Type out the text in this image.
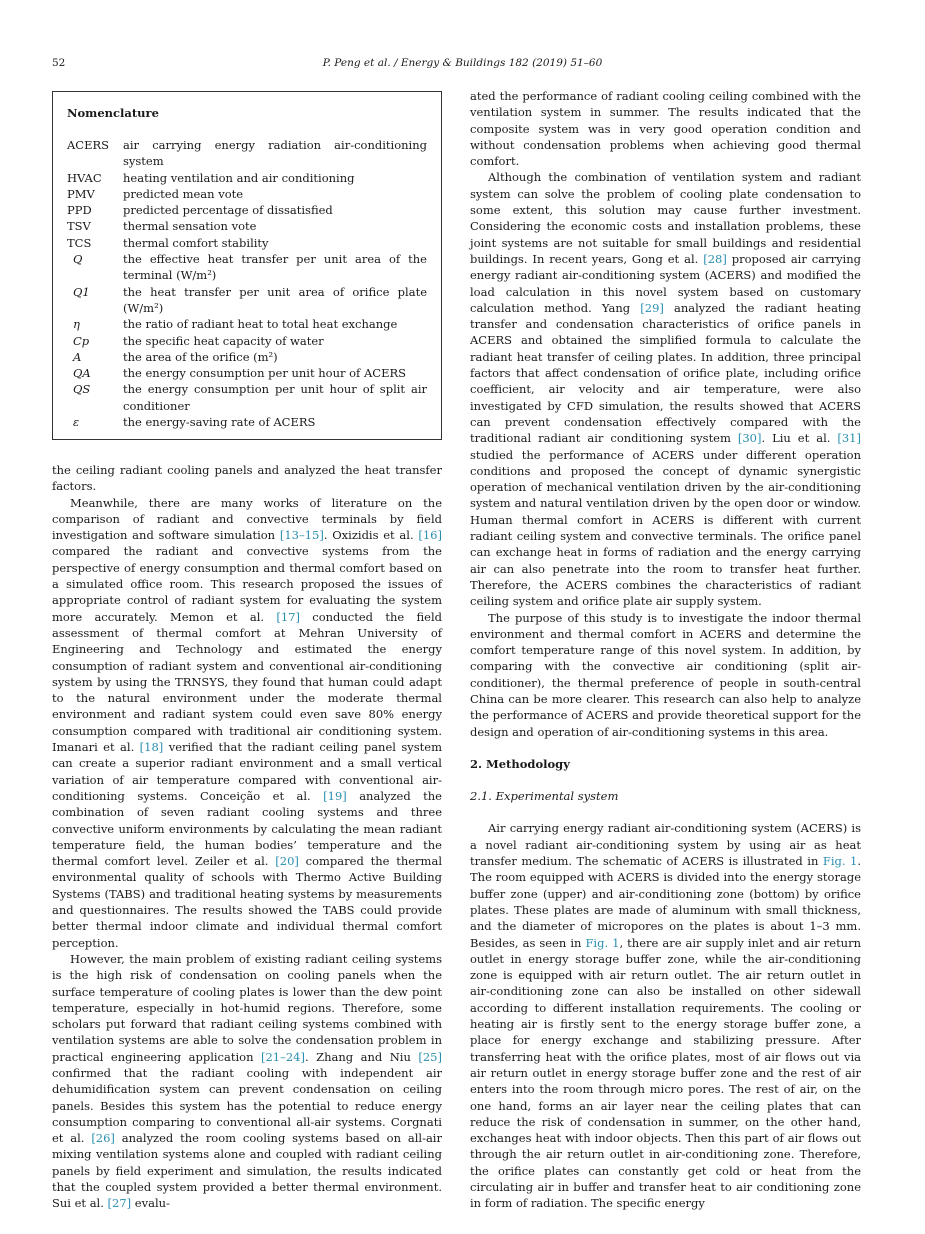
52	P. Peng et al. / Energy & Buildings 182 (2019) 51–60
Nomenclature
ACERS	air carrying energy radiation air-conditioning system
HVAC	heating ventilation and air conditioning
PMV	predicted mean vote
PPD	predicted percentage of dissatisfied
TSV	thermal sensation vote
TCS	thermal comfort stability
Q	the effective heat transfer per unit area of the terminal (W/m²)
Q1	the heat transfer per unit area of orifice plate (W/m²)
η	the ratio of radiant heat to total heat exchange
Cp	the specific heat capacity of water
A	the area of the orifice (m²)
QA	the energy consumption per unit hour of ACERS
QS	the energy consumption per unit hour of split air conditioner
ε	the energy-saving rate of ACERS

the ceiling radiant cooling panels and analyzed the heat transfer factors.

Meanwhile, there are many works of literature on the comparison of radiant and convective terminals by field investigation and software simulation [13–15]. Oxizidis et al. [16] compared the radiant and convective systems from the perspective of energy consumption and thermal comfort based on a simulated office room. This research proposed the issues of appropriate control of radiant system for evaluating the system more accurately. Memon et al. [17] conducted the field assessment of thermal comfort at Mehran University of Engineering and Technology and estimated the energy consumption of radiant system and conventional air-conditioning system by using the TRNSYS, they found that human could adapt to the natural environment under the moderate thermal environment and radiant system could even save 80% energy consumption compared with traditional air conditioning system. Imanari et al. [18] verified that the radiant ceiling panel system can create a superior radiant environment and a small vertical variation of air temperature compared with conventional air-conditioning systems. Conceição et al. [19] analyzed the combination of seven radiant cooling systems and three convective uniform environments by calculating the mean radiant temperature field, the human bodies’ temperature and the thermal comfort level. Zeiler et al. [20] compared the thermal environmental quality of schools with Thermo Active Building Systems (TABS) and traditional heating systems by measurements and questionnaires. The results showed the TABS could provide better thermal indoor climate and individual thermal comfort perception.

However, the main problem of existing radiant ceiling systems is the high risk of condensation on cooling panels when the surface temperature of cooling plates is lower than the dew point temperature, especially in hot-humid regions. Therefore, some scholars put forward that radiant ceiling systems combined with ventilation systems are able to solve the condensation problem in practical engineering application [21–24]. Zhang and Niu [25] confirmed that the radiant cooling with independent air dehumidification system can prevent condensation on ceiling panels. Besides this system has the potential to reduce energy consumption comparing to conventional all-air systems. Corgnati et al. [26] analyzed the room cooling systems based on all-air mixing ventilation systems alone and coupled with radiant ceiling panels by field experiment and simulation, the results indicated that the coupled system provided a better thermal environment. Sui et al. [27] evalu-

ated the performance of radiant cooling ceiling combined with the ventilation system in summer. The results indicated that the composite system was in very good operation condition and without condensation problems when achieving good thermal comfort.

Although the combination of ventilation system and radiant system can solve the problem of cooling plate condensation to some extent, this solution may cause further investment. Considering the economic costs and installation problems, these joint systems are not suitable for small buildings and residential buildings. In recent years, Gong et al. [28] proposed air carrying energy radiant air-conditioning system (ACERS) and modified the load calculation in this novel system based on customary calculation method. Yang [29] analyzed the radiant heating transfer and condensation characteristics of orifice panels in ACERS and obtained the simplified formula to calculate the radiant heat transfer of ceiling plates. In addition, three principal factors that affect condensation of orifice plate, including orifice coefficient, air velocity and air temperature, were also investigated by CFD simulation, the results showed that ACERS can prevent condensation effectively compared with the traditional radiant air conditioning system [30]. Liu et al. [31] studied the performance of ACERS under different operation conditions and proposed the concept of dynamic synergistic operation of mechanical ventilation driven by the air-conditioning system and natural ventilation driven by the open door or window. Human thermal comfort in ACERS is different with current radiant ceiling system and convective terminals. The orifice panel can exchange heat in forms of radiation and the energy carrying air can also penetrate into the room to transfer heat further. Therefore, the ACERS combines the characteristics of radiant ceiling system and orifice plate air supply system.

The purpose of this study is to investigate the indoor thermal environment and thermal comfort in ACERS and determine the comfort temperature range of this novel system. In addition, by comparing with the convective air conditioning (split air-conditioner), the thermal preference of people in south-central China can be more clearer. This research can also help to analyze the performance of ACERS and provide theoretical support for the design and operation of air-conditioning systems in this area.

2. Methodology
2.1. Experimental system

Air carrying energy radiant air-conditioning system (ACERS) is a novel radiant air-conditioning system by using air as heat transfer medium. The schematic of ACERS is illustrated in Fig. 1. The room equipped with ACERS is divided into the energy storage buffer zone (upper) and air-conditioning zone (bottom) by orifice plates. These plates are made of aluminum with small thickness, and the diameter of micropores on the plates is about 1–3 mm. Besides, as seen in Fig. 1, there are air supply inlet and air return outlet in energy storage buffer zone, while the air-conditioning zone is equipped with air return outlet. The air return outlet in air-conditioning zone can also be installed on other sidewall according to different installation requirements. The cooling or heating air is firstly sent to the energy storage buffer zone, a place for energy exchange and stabilizing pressure. After transferring heat with the orifice plates, most of air flows out via air return outlet in energy storage buffer zone and the rest of air enters into the room through micro pores. The rest of air, on the one hand, forms an air layer near the ceiling plates that can reduce the risk of condensation in summer, on the other hand, exchanges heat with indoor objects. Then this part of air flows out through the air return outlet in air-conditioning zone. Therefore, the orifice plates can constantly get cold or heat from the circulating air in buffer and transfer heat to air conditioning zone in form of radiation. The specific energy
